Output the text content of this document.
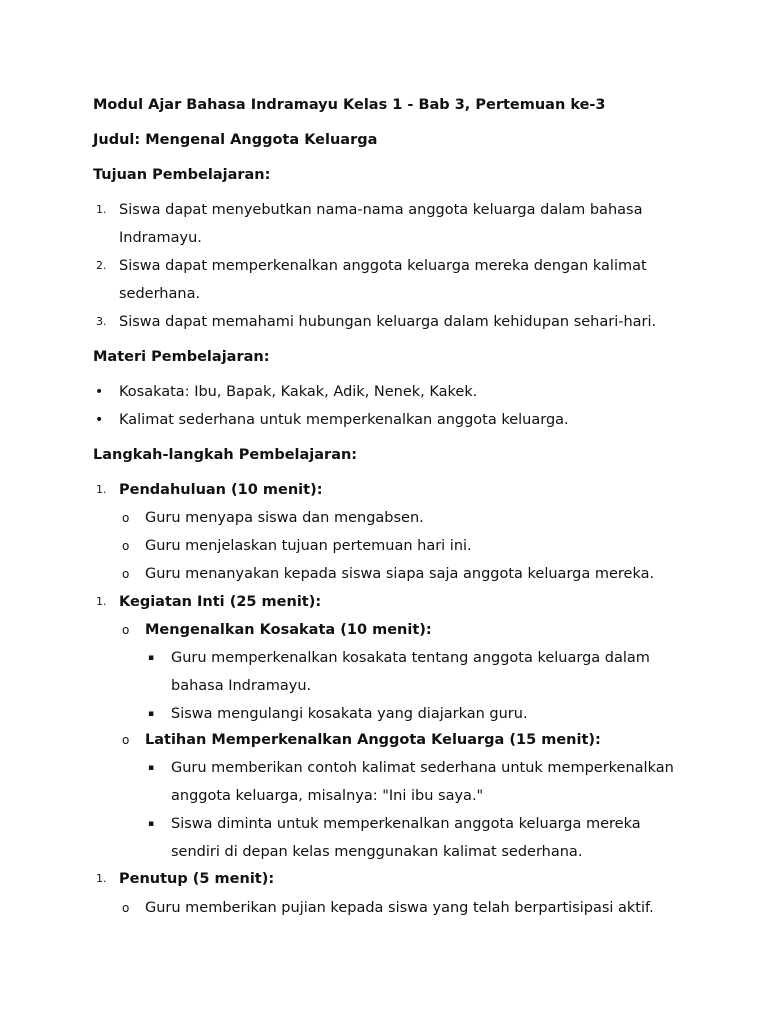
Modul Ajar Bahasa Indramayu Kelas 1 - Bab 3, Pertemuan ke-3
Judul: Mengenal Anggota Keluarga
Tujuan Pembelajaran:
1. Siswa dapat menyebutkan nama-nama anggota keluarga dalam bahasa
Indramayu.
2. Siswa dapat memperkenalkan anggota keluarga mereka dengan kalimat
sederhana.
3. Siswa dapat memahami hubungan keluarga dalam kehidupan sehari-hari.
Materi Pembelajaran:
• Kosakata: Ibu, Bapak, Kakak, Adik, Nenek, Kakek.
• Kalimat sederhana untuk memperkenalkan anggota keluarga.
Langkah-langkah Pembelajaran:
1. Pendahuluan (10 menit):
o Guru menyapa siswa dan mengabsen.
o Guru menjelaskan tujuan pertemuan hari ini.
o Guru menanyakan kepada siswa siapa saja anggota keluarga mereka.
1. Kegiatan Inti (25 menit):
o Mengenalkan Kosakata (10 menit):
▪ Guru memperkenalkan kosakata tentang anggota keluarga dalam
bahasa Indramayu.
▪ Siswa mengulangi kosakata yang diajarkan guru.
o Latihan Memperkenalkan Anggota Keluarga (15 menit):
▪ Guru memberikan contoh kalimat sederhana untuk memperkenalkan
anggota keluarga, misalnya: "Ini ibu saya."
▪ Siswa diminta untuk memperkenalkan anggota keluarga mereka
sendiri di depan kelas menggunakan kalimat sederhana.
1. Penutup (5 menit):
o Guru memberikan pujian kepada siswa yang telah berpartisipasi aktif.
